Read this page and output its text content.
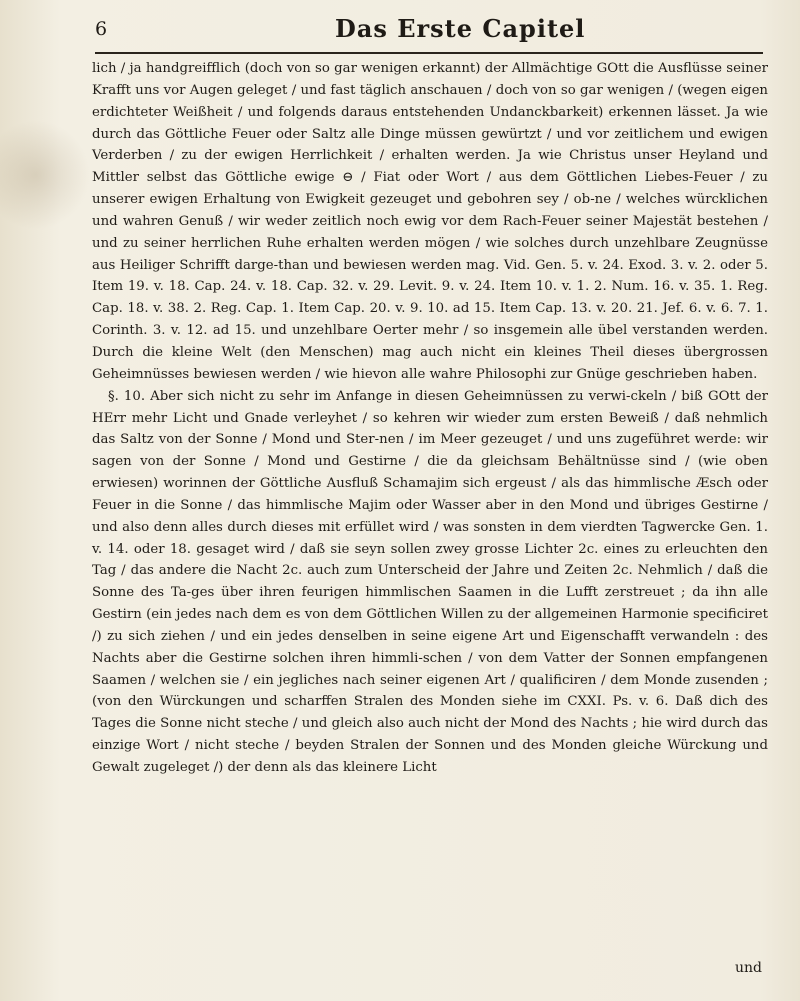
6	Das Erste Capitel

lich / ja handgreifflich (doch von so gar wenigen erkannt) der Allmächtige GOtt die Ausflüsse seiner Krafft uns vor Augen geleget / und fast täglich anschauen / doch von so gar wenigen / (wegen eigen erdichteter Weißheit / und folgends daraus entstehenden Undanckbarkeit) erkennen lässet. Ja wie durch das Göttliche Feuer oder Saltz alle Dinge müssen gewürtzt / und vor zeitlichem und ewigen Verderben / zu der ewigen Herrlichkeit / erhalten werden. Ja wie Christus unser Heyland und Mittler selbst das Göttliche ewige ⊖ / Fiat oder Wort / aus dem Göttlichen Liebes-Feuer / zu unserer ewigen Erhaltung von Ewigkeit gezeuget und gebohren sey / ob-ne / welches würcklichen und wahren Genuß / wir weder zeitlich noch ewig vor dem Rach-Feuer seiner Majestät bestehen / und zu seiner herrlichen Ruhe erhalten werden mögen / wie solches durch unzehlbare Zeugnüsse aus Heiliger Schrifft darge-than und bewiesen werden mag. Vid. Gen. 5. v. 24. Exod. 3. v. 2. oder 5. Item 19. v. 18. Cap. 24. v. 18. Cap. 32. v. 29. Levit. 9. v. 24. Item 10. v. 1. 2. Num. 16. v. 35. 1. Reg. Cap. 18. v. 38. 2. Reg. Cap. 1. Item Cap. 20. v. 9. 10. ad 15. Item Cap. 13. v. 20. 21. Jef. 6. v. 6. 7. 1. Corinth. 3. v. 12. ad 15. und unzehlbare Oerter mehr / so insgemein alle übel verstanden werden. Durch die kleine Welt (den Menschen) mag auch nicht ein kleines Theil dieses übergrossen Geheimnüsses bewiesen werden / wie hievon alle wahre Philosophi zur Gnüge geschrieben haben.

§. 10. Aber sich nicht zu sehr im Anfange in diesen Geheimnüssen zu verwi-ckeln / biß GOtt der HErr mehr Licht und Gnade verleyhet / so kehren wir wieder zum ersten Beweiß / daß nehmlich das Saltz von der Sonne / Mond und Ster-nen / im Meer gezeuget / und uns zugeführet werde: wir sagen von der Sonne / Mond und Gestirne / die da gleichsam Behältnüsse sind / (wie oben erwiesen) worinnen der Göttliche Ausfluß Schamajim sich ergeust / als das himmlische Æsch oder Feuer in die Sonne / das himmlische Majim oder Wasser aber in den Mond und übriges Gestirne / und also denn alles durch dieses mit erfüllet wird / was sonsten in dem vierdten Tagwercke Gen. 1. v. 14. oder 18. gesaget wird / daß sie seyn sollen zwey grosse Lichter 2c. eines zu erleuchten den Tag / das andere die Nacht 2c. auch zum Unterscheid der Jahre und Zeiten 2c. Nehmlich / daß die Sonne des Ta-ges über ihren feurigen himmlischen Saamen in die Lufft zerstreuet ; da ihn alle Gestirn (ein jedes nach dem es von dem Göttlichen Willen zu der allgemeinen Harmonie specificiret /) zu sich ziehen / und ein jedes denselben in seine eigene Art und Eigenschafft verwandeln : des Nachts aber die Gestirne solchen ihren himmli-schen / von dem Vatter der Sonnen empfangenen Saamen / welchen sie / ein jegliches nach seiner eigenen Art / qualificiren / dem Monde zusenden ; (von den Würckungen und scharffen Stralen des Monden siehe im CXXI. Ps. v. 6. Daß dich des Tages die Sonne nicht steche / und gleich also auch nicht der Mond des Nachts ; hie wird durch das einzige Wort / nicht steche / beyden Stralen der Sonnen und des Monden gleiche Würckung und Gewalt zugeleget /) der denn als das kleinere Licht

und
